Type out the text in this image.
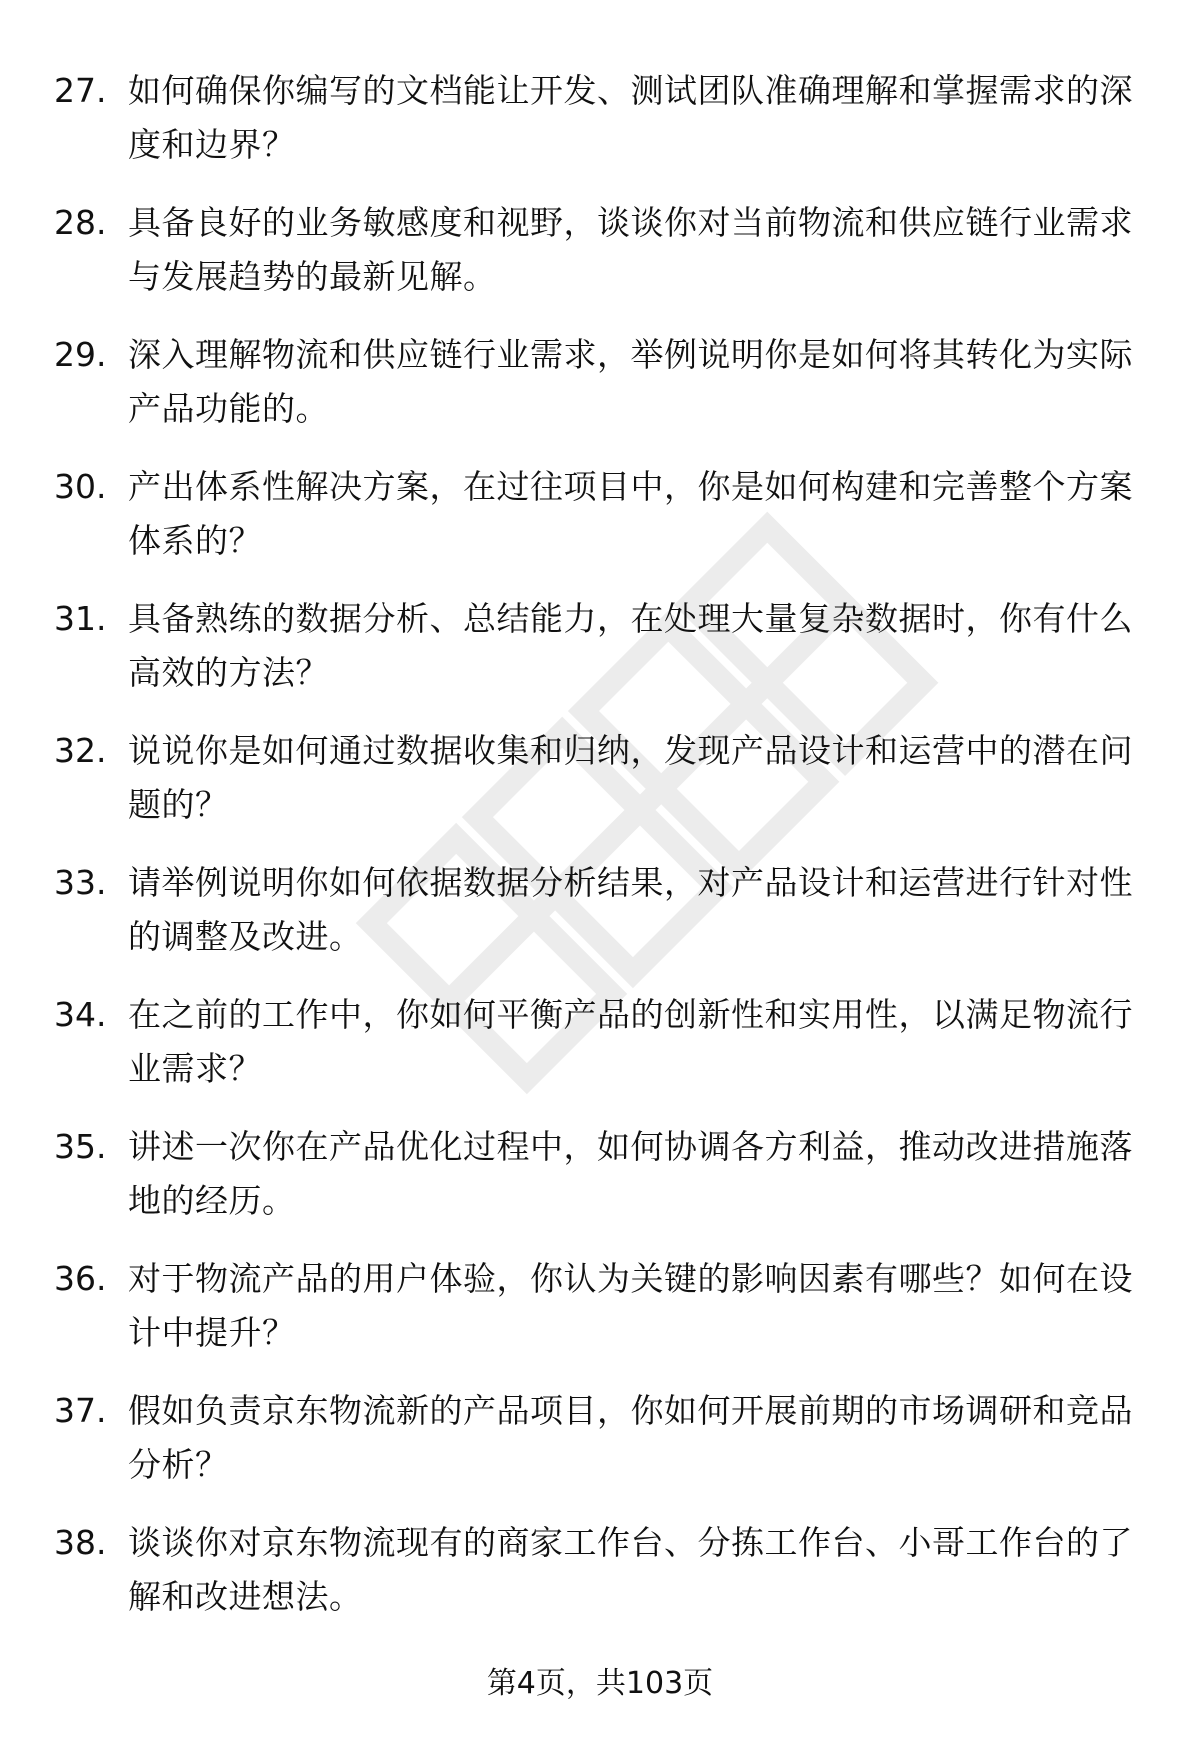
27. 如何确保你编写的文档能让开发、测试团队准确理解和掌握需求的深度和边界？
28. 具备良好的业务敏感度和视野，谈谈你对当前物流和供应链行业需求与发展趋势的最新见解。
29. 深入理解物流和供应链行业需求，举例说明你是如何将其转化为实际产品功能的。
30. 产出体系性解决方案，在过往项目中，你是如何构建和完善整个方案体系的？
31. 具备熟练的数据分析、总结能力，在处理大量复杂数据时，你有什么高效的方法？
32. 说说你是如何通过数据收集和归纳，发现产品设计和运营中的潜在问题的？
33. 请举例说明你如何依据数据分析结果，对产品设计和运营进行针对性的调整及改进。
34. 在之前的工作中，你如何平衡产品的创新性和实用性，以满足物流行业需求？
35. 讲述一次你在产品优化过程中，如何协调各方利益，推动改进措施落地的经历。
36. 对于物流产品的用户体验，你认为关键的影响因素有哪些？如何在设计中提升？
37. 假如负责京东物流新的产品项目，你如何开展前期的市场调研和竞品分析？
38. 谈谈你对京东物流现有的商家工作台、分拣工作台、小哥工作台的了解和改进想法。
第4页，共103页
